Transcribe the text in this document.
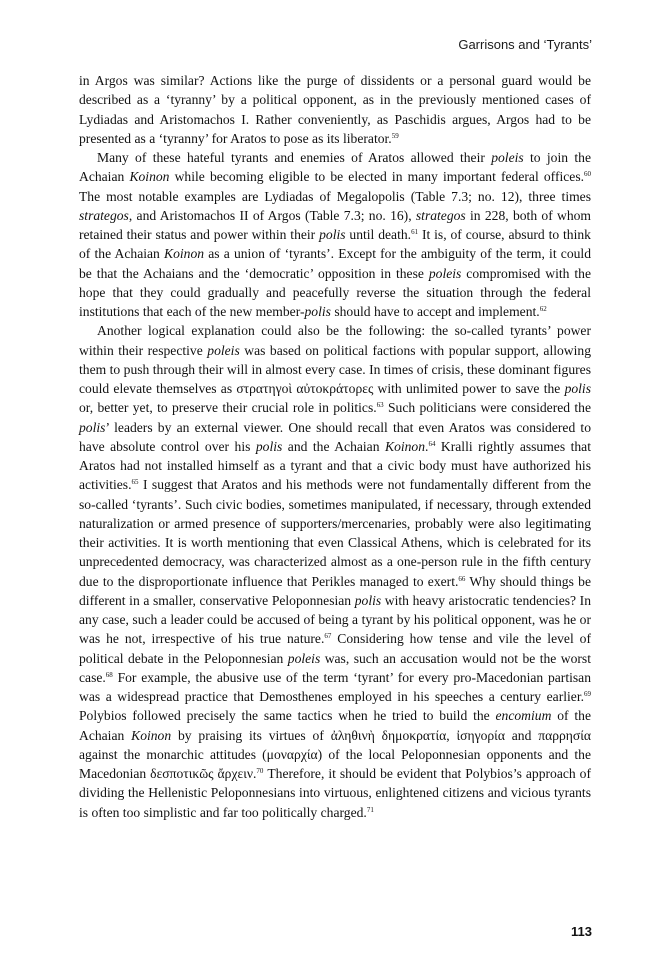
Garrisons and ‘Tyrants’

in Argos was similar? Actions like the purge of dissidents or a personal guard would be described as a ‘tyranny’ by a political opponent, as in the previously mentioned cases of Lydiadas and Aristomachos I. Rather conveniently, as Paschidis argues, Argos had to be presented as a ‘tyranny’ for Aratos to pose as its liberator.$^{59}$

Many of these hateful tyrants and enemies of Aratos allowed their poleis to join the Achaian Koinon while becoming eligible to be elected in many important federal offices.$^{60}$ The most notable examples are Lydiadas of Megalopolis (Table 7.3; no. 12), three times strategos, and Aristomachos II of Argos (Table 7.3; no. 16), strategos in 228, both of whom retained their status and power within their polis until death.$^{61}$ It is, of course, absurd to think of the Achaian Koinon as a union of ‘tyrants’. Except for the ambiguity of the term, it could be that the Achaians and the ‘democratic’ opposition in these poleis compromised with the hope that they could gradually and peacefully reverse the situation through the federal institutions that each of the new member-polis should have to accept and implement.$^{62}$

Another logical explanation could also be the following: the so-called tyrants’ power within their respective poleis was based on political factions with popular support, allowing them to push through their will in almost every case. In times of crisis, these dominant figures could elevate themselves as στρατηγοὶ αὐτοκράτορες with unlimited power to save the polis or, better yet, to preserve their crucial role in politics.$^{63}$ Such politicians were considered the polis’ leaders by an external viewer. One should recall that even Aratos was considered to have absolute control over his polis and the Achaian Koinon.$^{64}$ Kralli rightly assumes that Aratos had not installed himself as a tyrant and that a civic body must have authorized his activities.$^{65}$ I suggest that Aratos and his methods were not fundamentally different from the so-called ‘tyrants’. Such civic bodies, sometimes manipulated, if necessary, through extended naturalization or armed presence of supporters/mercenaries, probably were also legitimating their activities. It is worth mentioning that even Classical Athens, which is celebrated for its unprecedented democracy, was characterized almost as a one-person rule in the fifth century due to the disproportionate influence that Perikles managed to exert.$^{66}$ Why should things be different in a smaller, conservative Peloponnesian polis with heavy aristocratic tendencies? In any case, such a leader could be accused of being a tyrant by his political opponent, was he or was he not, irrespective of his true nature.$^{67}$ Considering how tense and vile the level of political debate in the Peloponnesian poleis was, such an accusation would not be the worst case.$^{68}$ For example, the abusive use of the term ‘tyrant’ for every pro-Macedonian partisan was a widespread practice that Demosthenes employed in his speeches a century earlier.$^{69}$ Polybios followed precisely the same tactics when he tried to build the encomium of the Achaian Koinon by praising its virtues of ἀληθινὴ δημοκρατία, ἰσηγορία and παρρησία against the monarchic attitudes (μοναρχία) of the local Peloponnesian opponents and the Macedonian δεσποτικῶς ἄρχειν.$^{70}$ Therefore, it should be evident that Polybios’s approach of dividing the Hellenistic Peloponnesians into virtuous, enlightened citizens and vicious tyrants is often too simplistic and far too politically charged.$^{71}$

113
